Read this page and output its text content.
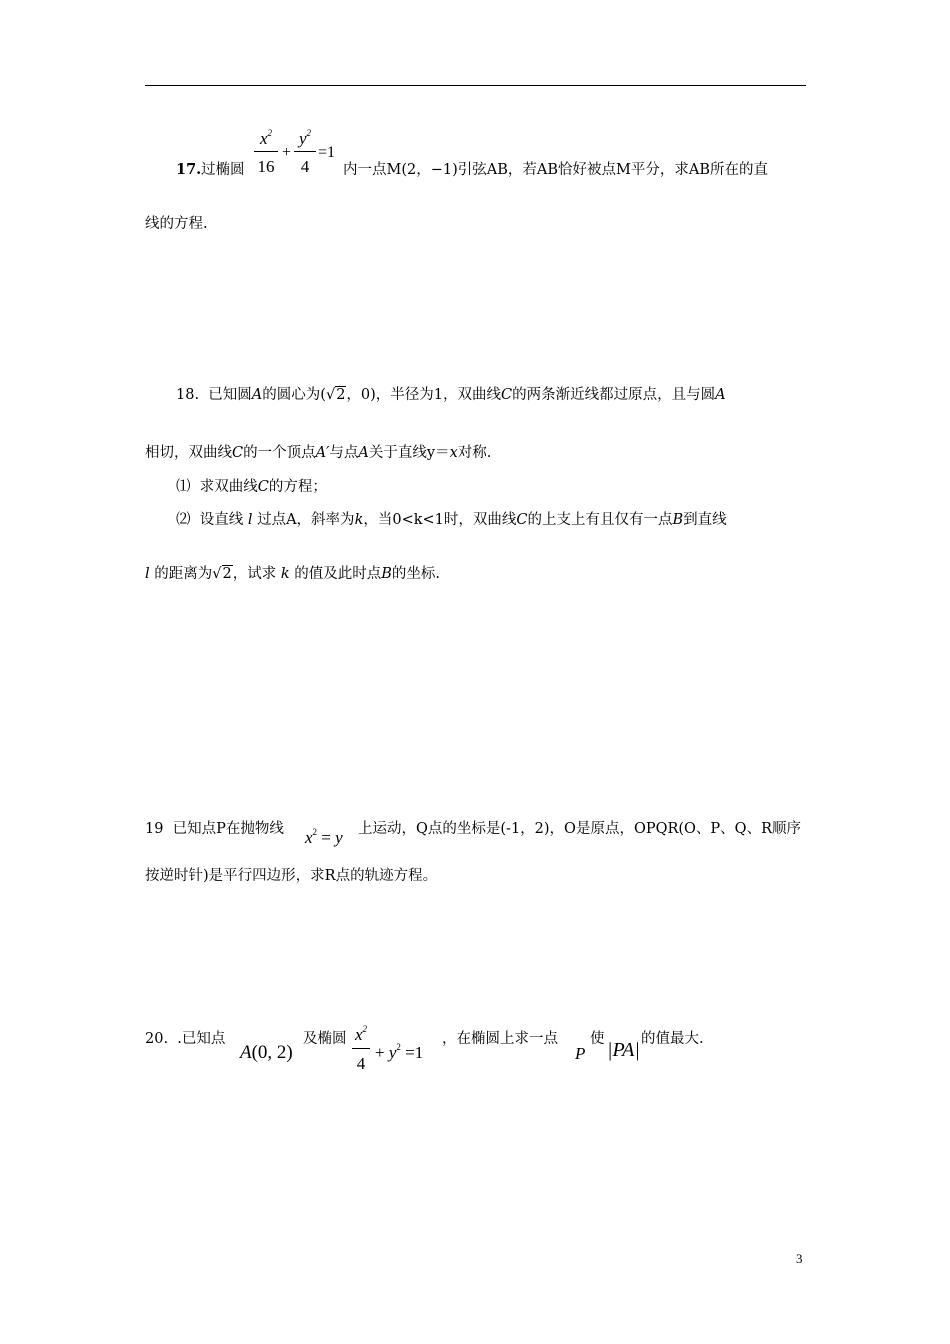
17. 过椭圆
$x^2$
16
+
$y^2$
4
=1
内一点M(2，−1)引弦AB，若AB恰好被点M平分，求AB所在的直
线的方程.
18. 已知圆A的圆心为(√2，0)，半径为1，双曲线C的两条渐近线都过原点，且与圆A
相切，双曲线C的一个顶点A′与点A关于直线y＝x对称.
⑴ 求双曲线C的方程；
⑵ 设直线 l 过点A，斜率为k，当0<k<1时，双曲线C的上支上有且仅有一点B到直线
l 的距离为√2，试求 k 的值及此时点B的坐标.
19 已知点P在抛物线 $x^2 = y$ 上运动，Q点的坐标是(-1，2)，O是原点，OPQR(O、P、Q、R顺序
按逆时针)是平行四边形，求R点的轨迹方程。
20. .已知点
A(0, 2)
及椭圆 $x^2$
4
+ $y^2 =1$
，在椭圆上求一点
P
使 |PA| 的值最大.
3
